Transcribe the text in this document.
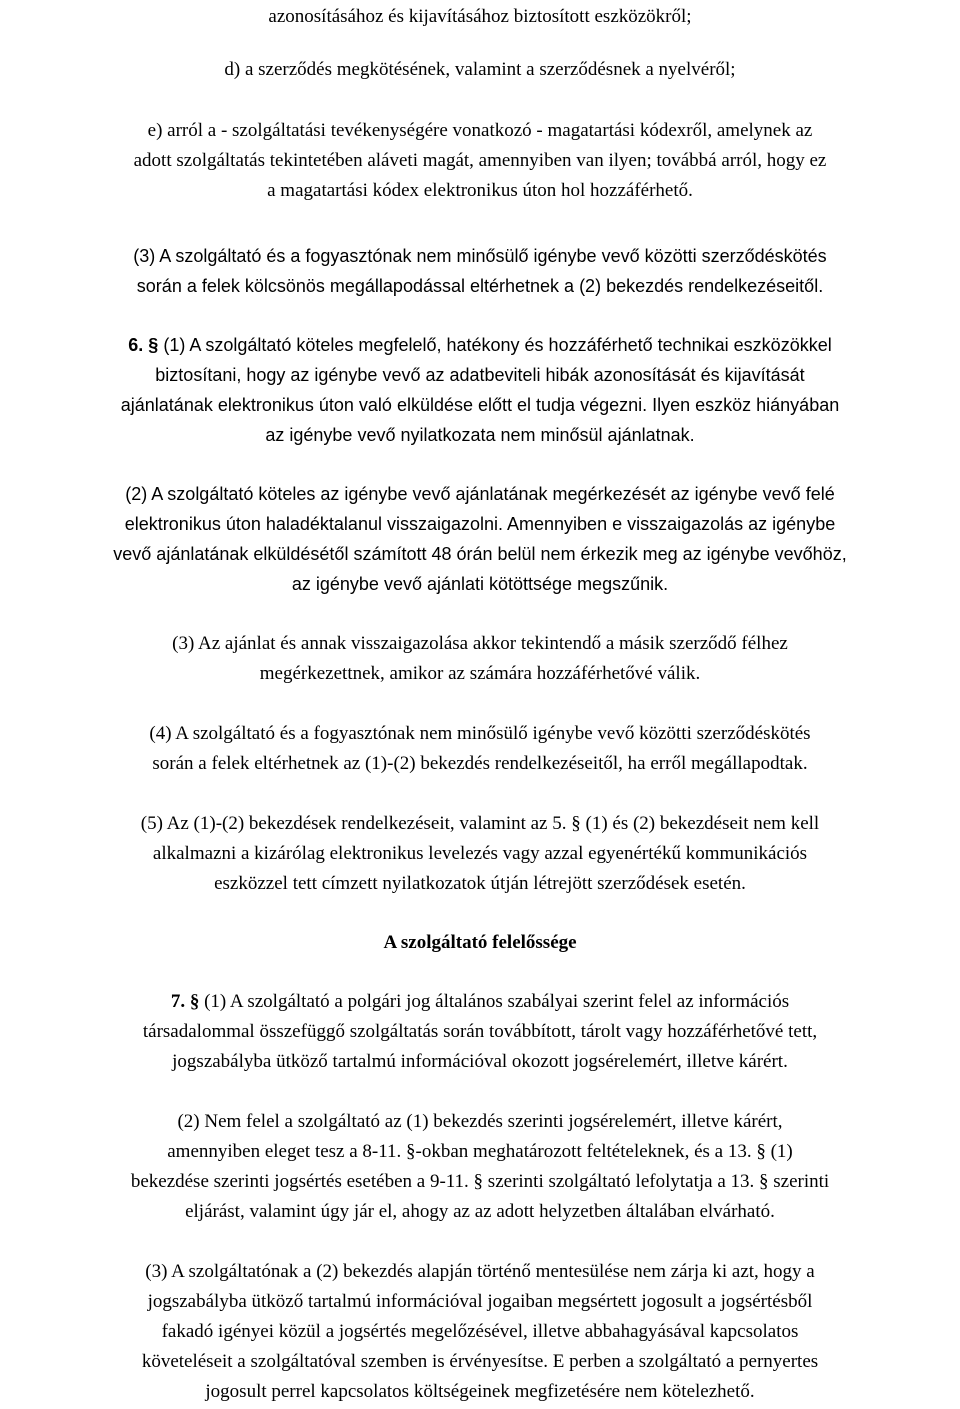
azonosításához és kijavításához biztosított eszközökről;
d) a szerződés megkötésének, valamint a szerződésnek a nyelvéről;
e) arról a - szolgáltatási tevékenységére vonatkozó - magatartási kódexről, amelynek az
adott szolgáltatás tekintetében aláveti magát, amennyiben van ilyen; továbbá arról, hogy ez
a magatartási kódex elektronikus úton hol hozzáférhető.
(3) A szolgáltató és a fogyasztónak nem minősülő igénybe vevő közötti szerződéskötés
során a felek kölcsönös megállapodással eltérhetnek a (2) bekezdés rendelkezéseitől.
6. § (1) A szolgáltató köteles megfelelő, hatékony és hozzáférhető technikai eszközökkel
biztosítani, hogy az igénybe vevő az adatbeviteli hibák azonosítását és kijavítását
ajánlatának elektronikus úton való elküldése előtt el tudja végezni. Ilyen eszköz hiányában
az igénybe vevő nyilatkozata nem minősül ajánlatnak.
(2) A szolgáltató köteles az igénybe vevő ajánlatának megérkezését az igénybe vevő felé
elektronikus úton haladéktalanul visszaigazolni. Amennyiben e visszaigazolás az igénybe
vevő ajánlatának elküldésétől számított 48 órán belül nem érkezik meg az igénybe vevőhöz,
az igénybe vevő ajánlati kötöttsége megszűnik.
(3) Az ajánlat és annak visszaigazolása akkor tekintendő a másik szerződő félhez
megérkezettnek, amikor az számára hozzáférhetővé válik.
(4) A szolgáltató és a fogyasztónak nem minősülő igénybe vevő közötti szerződéskötés
során a felek eltérhetnek az (1)-(2) bekezdés rendelkezéseitől, ha erről megállapodtak.
(5) Az (1)-(2) bekezdések rendelkezéseit, valamint az 5. § (1) és (2) bekezdéseit nem kell
alkalmazni a kizárólag elektronikus levelezés vagy azzal egyenértékű kommunikációs
eszközzel tett címzett nyilatkozatok útján létrejött szerződések esetén.
A szolgáltató felelőssége
7. § (1) A szolgáltató a polgári jog általános szabályai szerint felel az információs
társadalommal összefüggő szolgáltatás során továbbított, tárolt vagy hozzáférhetővé tett,
jogszabályba ütköző tartalmú információval okozott jogsérelemért, illetve kárért.
(2) Nem felel a szolgáltató az (1) bekezdés szerinti jogsérelemért, illetve kárért,
amennyiben eleget tesz a 8-11. §-okban meghatározott feltételeknek, és a 13. § (1)
bekezdése szerinti jogsértés esetében a 9-11. § szerinti szolgáltató lefolytatja a 13. § szerinti
eljárást, valamint úgy jár el, ahogy az az adott helyzetben általában elvárható.
(3) A szolgáltatónak a (2) bekezdés alapján történő mentesülése nem zárja ki azt, hogy a
jogszabályba ütköző tartalmú információval jogaiban megsértett jogosult a jogsértésből
fakadó igényei közül a jogsértés megelőzésével, illetve abbahagyásával kapcsolatos
követeléseit a szolgáltatóval szemben is érvényesítse. E perben a szolgáltató a pernyertes
jogosult perrel kapcsolatos költségeinek megfizetésére nem kötelezhető.
